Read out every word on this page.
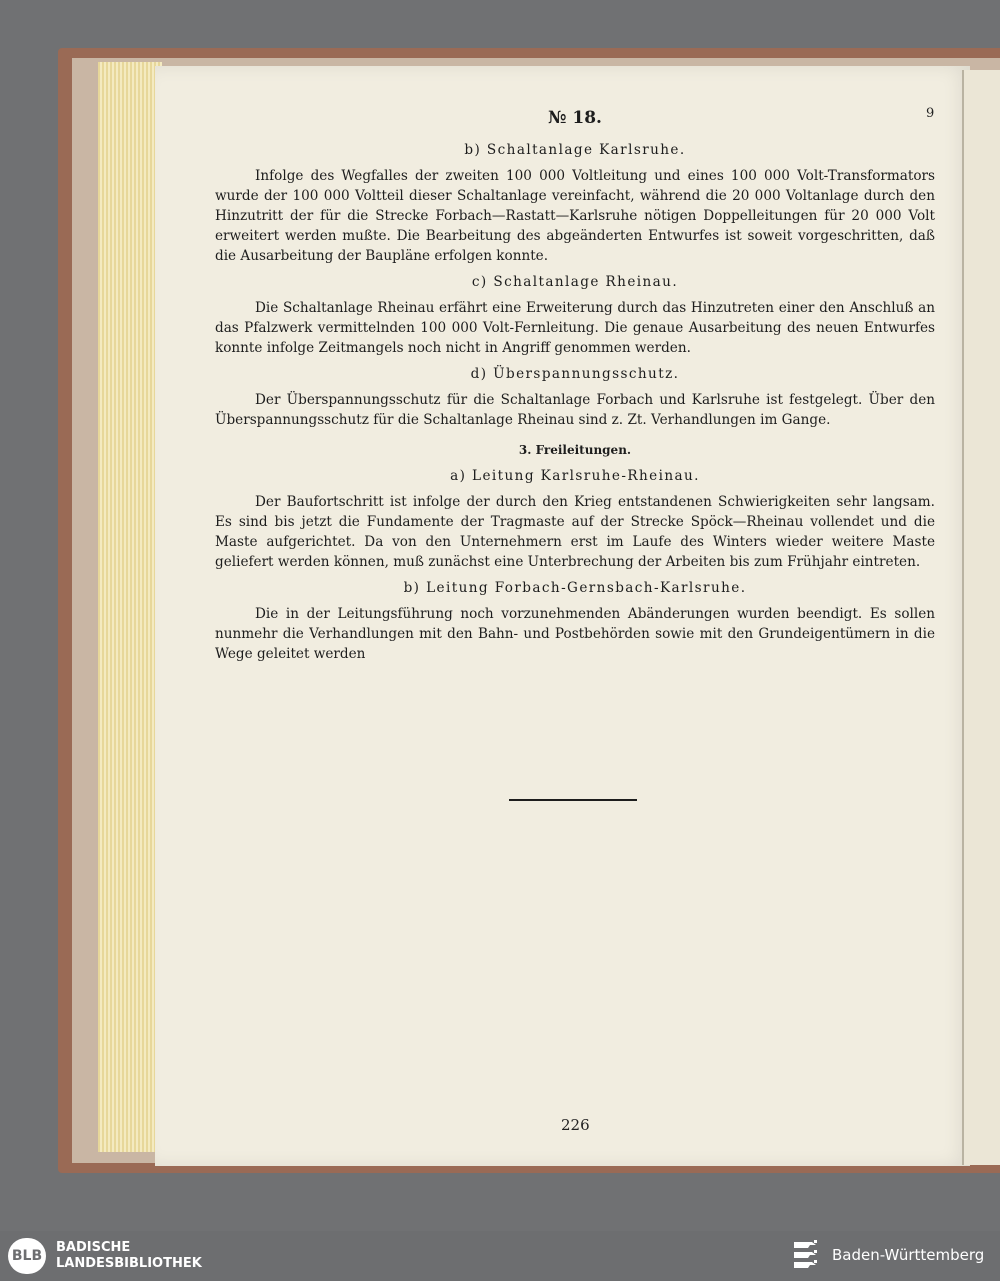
9
№ 18.
b) Schaltanlage Karlsruhe.

Infolge des Wegfalles der zweiten 100 000 Voltleitung und eines 100 000 Volt-Transformators wurde der 100 000 Voltteil dieser Schaltanlage vereinfacht, während die 20 000 Voltanlage durch den Hinzutritt der für die Strecke Forbach—Rastatt—Karlsruhe nötigen Doppelleitungen für 20 000 Volt erweitert werden mußte. Die Bearbeitung des abgeänderten Entwurfes ist soweit vorgeschritten, daß die Ausarbeitung der Baupläne erfolgen konnte.

c) Schaltanlage Rheinau.

Die Schaltanlage Rheinau erfährt eine Erweiterung durch das Hinzutreten einer den Anschluß an das Pfalzwerk vermittelnden 100 000 Volt-Fernleitung. Die genaue Ausarbeitung des neuen Entwurfes konnte infolge Zeitmangels noch nicht in Angriff genommen werden.

d) Überspannungsschutz.

Der Überspannungsschutz für die Schaltanlage Forbach und Karlsruhe ist festgelegt. Über den Überspannungsschutz für die Schaltanlage Rheinau sind z. Zt. Verhandlungen im Gange.

3. Freileitungen.
a) Leitung Karlsruhe-Rheinau.

Der Baufortschritt ist infolge der durch den Krieg entstandenen Schwierigkeiten sehr langsam. Es sind bis jetzt die Fundamente der Tragmaste auf der Strecke Spöck—Rheinau vollendet und die Maste aufgerichtet. Da von den Unternehmern erst im Laufe des Winters wieder weitere Maste geliefert werden können, muß zunächst eine Unterbrechung der Arbeiten bis zum Frühjahr eintreten.

b) Leitung Forbach-Gernsbach-Karlsruhe.

Die in der Leitungsführung noch vorzunehmenden Abänderungen wurden beendigt. Es sollen nunmehr die Verhandlungen mit den Bahn- und Postbehörden sowie mit den Grundeigentümern in die Wege geleitet werden

226
BLB
BADISCHE
LANDESBIBLIOTHEK	Baden-Württemberg
